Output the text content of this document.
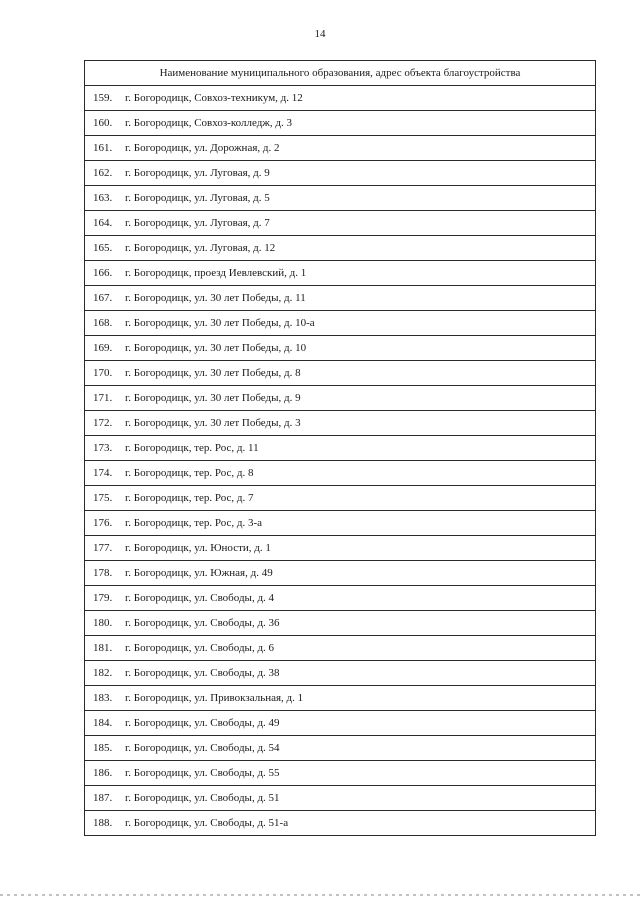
14
Наименование муниципального образования, адрес объекта благоустройства
159. г. Богородицк, Совхоз-техникум, д. 12
160. г. Богородицк, Совхоз-колледж, д. 3
161. г. Богородицк, ул. Дорожная, д. 2
162. г. Богородицк, ул. Луговая, д. 9
163. г. Богородицк, ул. Луговая, д. 5
164. г. Богородицк, ул. Луговая, д. 7
165. г. Богородицк, ул. Луговая, д. 12
166. г. Богородицк, проезд Иевлевский, д. 1
167. г. Богородицк, ул. 30 лет Победы, д. 11
168. г. Богородицк, ул. 30 лет Победы, д. 10-а
169. г. Богородицк, ул. 30 лет Победы, д. 10
170. г. Богородицк, ул. 30 лет Победы, д. 8
171. г. Богородицк, ул. 30 лет Победы, д. 9
172. г. Богородицк, ул. 30 лет Победы, д. 3
173. г. Богородицк, тер. Рос, д. 11
174. г. Богородицк, тер. Рос, д. 8
175. г. Богородицк, тер. Рос, д. 7
176. г. Богородицк, тер. Рос, д. 3-а
177. г. Богородицк, ул. Юности, д. 1
178. г. Богородицк, ул. Южная, д. 49
179. г. Богородицк, ул. Свободы, д. 4
180. г. Богородицк, ул. Свободы, д. 36
181. г. Богородицк, ул. Свободы, д. 6
182. г. Богородицк, ул. Свободы, д. 38
183. г. Богородицк, ул. Привокзальная, д. 1
184. г. Богородицк, ул. Свободы, д. 49
185. г. Богородицк, ул. Свободы, д. 54
186. г. Богородицк, ул. Свободы, д. 55
187. г. Богородицк, ул. Свободы, д. 51
188. г. Богородицк, ул. Свободы, д. 51-а
